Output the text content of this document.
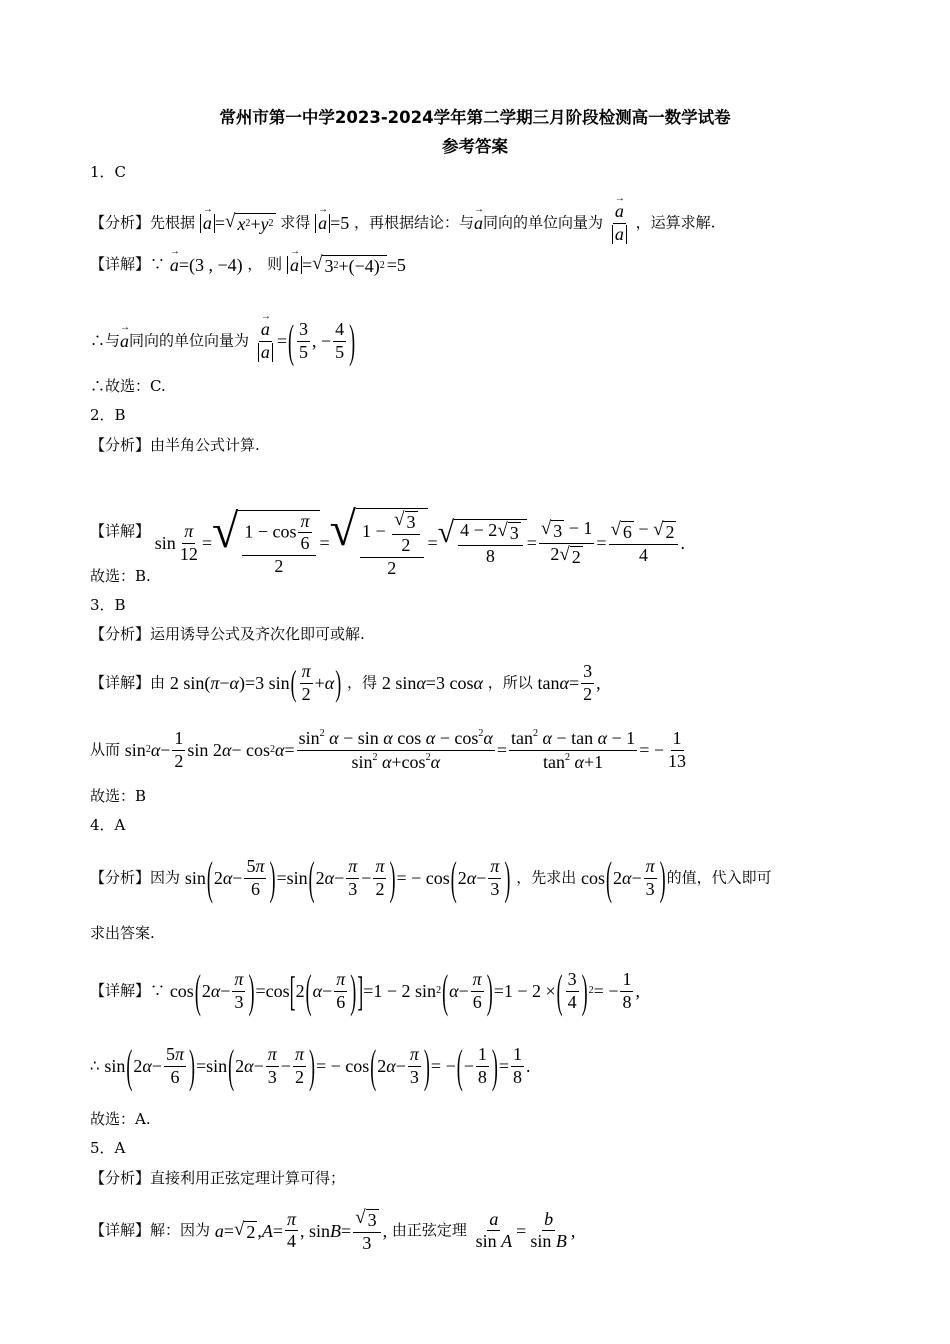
常州市第一中学2023-2024学年第二学期三月阶段检测高一数学试卷
参考答案
1．C
【分析】先根据 → a = √ x 2 + y 2 求得 → a =5 ，再根据结论：与 → a 同向的单位向量为 → $\frac{a}{a}$ ，运算求解.
【详解】∵ → a =(3 , −4) ， 则 → a = √ 3 2 +(−4) 2 =5
∴与 → a 同向的单位向量为 → $\frac{a}{a}$ = ( $\frac{3}{5}$ , − $\frac{4}{5}$ )
∴故选：C.
2．B
【分析】由半角公式计算.
【详解】 $\sin \frac{\pi}{12}$ = √ $\frac{1 - \cos \frac{\pi}{6}}{2}$ = √ $\frac{1 - \frac{√ 3}{2}}{2}$ = √ $\frac{4 - 2 √ 3}{8} = \frac{√ 3 - 1}{2 √ 2} = \frac{√ 6 - √ 2}{4}$ .
故选：B.
3．B
【分析】运用诱导公式及齐次化即可或解.
【详解】由 2 sin( π − α )=3 sin ( $\frac{\pi}{2} + \alpha$ ) ，得 2 sin α =3 cos α ，所以 $\tan \alpha = \frac{3}{2}$ ,
从而 sin 2 $\alpha - \frac{1}{2}$ sin 2 α − cos 2 $\alpha = \frac{\sin^2 \alpha - \sin \alpha \cos \alpha - \cos^2\alpha}{\sin^2 \alpha+\cos^2\alpha} = \frac{\tan^2 \alpha - \tan \alpha - 1}{\tan^2 \alpha+1}$ = − $\frac{1}{13}$
故选：B
4．A
【分析】因为 sin ( 2 $\alpha - \frac{5\pi}{6}$ ) =sin ( 2 $\alpha - \frac{\pi}{3} - \frac{\pi}{2}$ ) = − cos ( 2 $\alpha - \frac{\pi}{3}$ ) ，先求出 cos ( 2 $\alpha - \frac{\pi}{3}$ ) 的值，代入即可
求出答案.
【详解】∵ cos ( 2 $\alpha - \frac{\pi}{3}$ ) =cos [ 2 ( $\alpha - \frac{\pi}{6}$ ) ] =1 − 2 sin 2 ( $\alpha - \frac{\pi}{6}$ ) =1 − 2 × ( $\frac{3}{4}$ ) 2 = − $\frac{1}{8}$ ,
∴ sin ( 2 $\alpha - \frac{5\pi}{6}$ ) =sin ( 2 $\alpha - \frac{\pi}{3} - \frac{\pi}{2}$ ) = − cos ( 2 $\alpha - \frac{\pi}{3}$ ) = − ( − $\frac{1}{8}$ ) = $\frac{1}{8}$ .
故选：A.
5．A
【分析】直接利用正弦定理计算可得；
【详解】解：因为 a = √ 2 , $A = \frac{\pi}{4}$ , $\sin B = \frac{√ 3}{3}$ , 由正弦定理 $\frac{a}{\text{sin A}} = \frac{b}{\text{sin B}}$ ,
